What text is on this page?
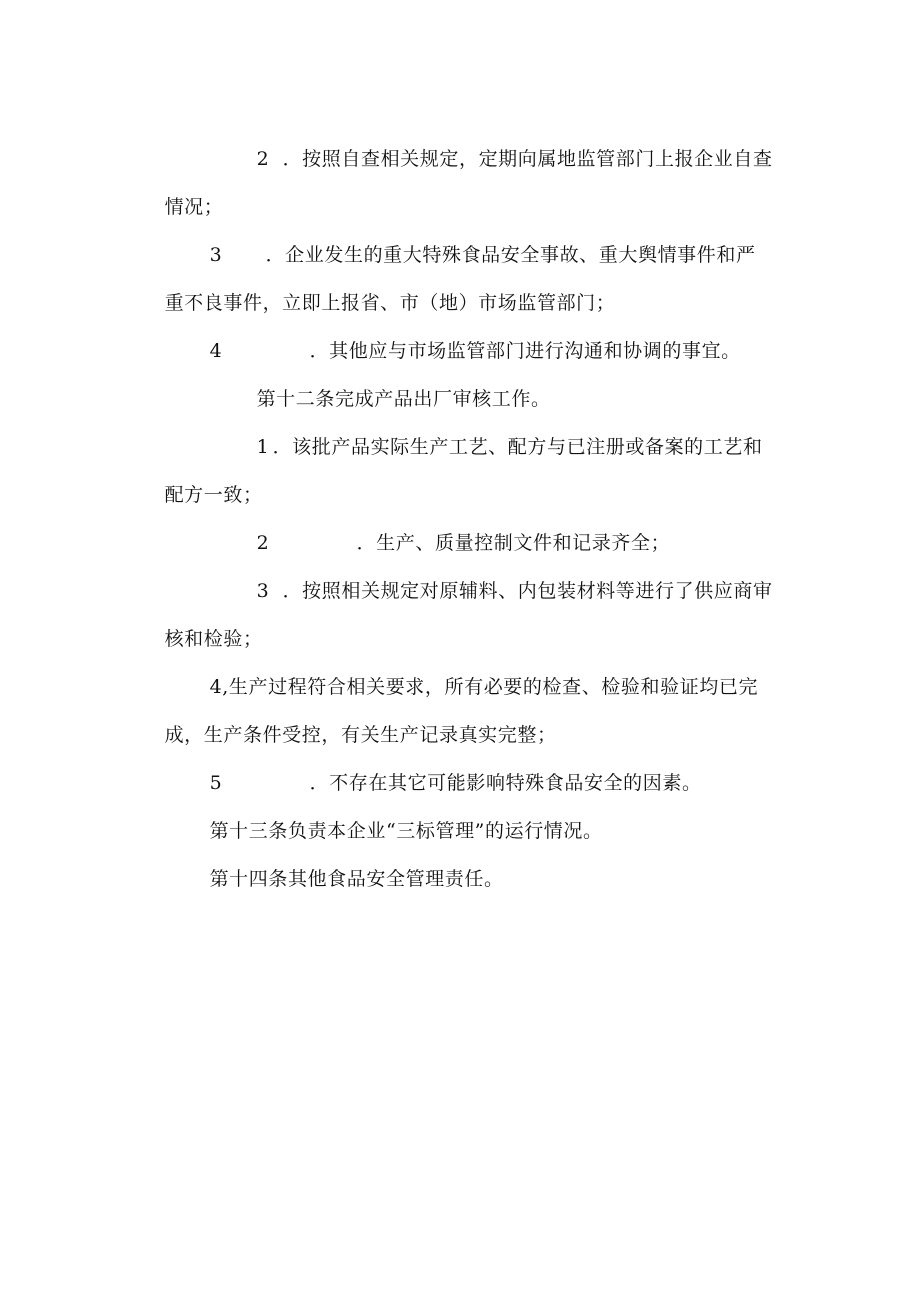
2 ．按照自查相关规定，定期向属地监管部门上报企业自查

情况；

3 ．企业发生的重大特殊食品安全事故、重大舆情事件和严

重不良事件，立即上报省、市（地）市场监管部门；

4	．其他应与市场监管部门进行沟通和协调的事宜。

第十二条完成产品出厂审核工作。

1 ．该批产品实际生产工艺、配方与已注册或备案的工艺和

配方一致；

2	．生产、质量控制文件和记录齐全；

3 ．按照相关规定对原辅料、内包装材料等进行了供应商审

核和检验；

4,生产过程符合相关要求，所有必要的检查、检验和验证均已完

成，生产条件受控，有关生产记录真实完整；

5	．不存在其它可能影响特殊食品安全的因素。

第十三条负责本企业“三标管理”的运行情况。

第十四条其他食品安全管理责任。
